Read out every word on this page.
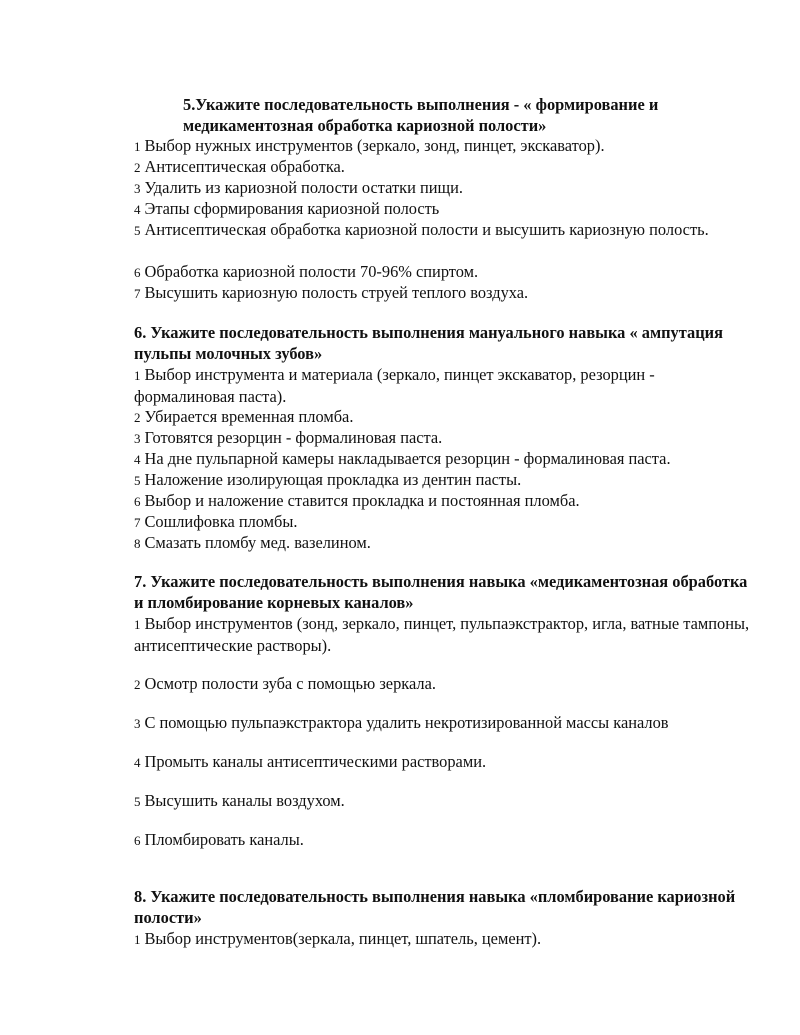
5.Укажите последовательность выполнения - « формирование и медикаментозная обработка кариозной полости»

1 Выбор нужных инструментов (зеркало, зонд, пинцет, экскаватор).

2 Антисептическая обработка.

3 Удалить из кариозной полости остатки пищи.

4 Этапы сформирования кариозной полость

5 Антисептическая обработка кариозной полости и высушить кариозную полость.

6 Обработка кариозной полости 70-96% спиртом.

7 Высушить кариозную полость струей теплого воздуха.

6. Укажите последовательность выполнения мануального навыка « ампутация пульпы молочных зубов»

1 Выбор инструмента и материала (зеркало, пинцет экскаватор, резорцин - формалиновая паста).

2 Убирается временная пломба.

3 Готовятся резорцин - формалиновая паста.

4 На дне пульпарной камеры накладывается резорцин - формалиновая паста.

5 Наложение изолирующая прокладка из дентин пасты.

6 Выбор и наложение ставится прокладка и постоянная пломба.

7 Сошлифовка пломбы.

8 Смазать пломбу мед. вазелином.

7. Укажите последовательность выполнения навыка «медикаментозная обработка и пломбирование корневых каналов»

1 Выбор инструментов (зонд, зеркало, пинцет, пульпаэкстрактор, игла, ватные тампоны, антисептические растворы).

2 Осмотр полости зуба с помощью зеркала.

3 С помощью пульпаэкстрактора удалить некротизированной массы каналов

4 Промыть каналы антисептическими растворами.

5 Высушить каналы воздухом.

6 Пломбировать каналы.

8. Укажите последовательность выполнения навыка «пломбирование кариозной полости»

1 Выбор инструментов(зеркала, пинцет, шпатель, цемент).
